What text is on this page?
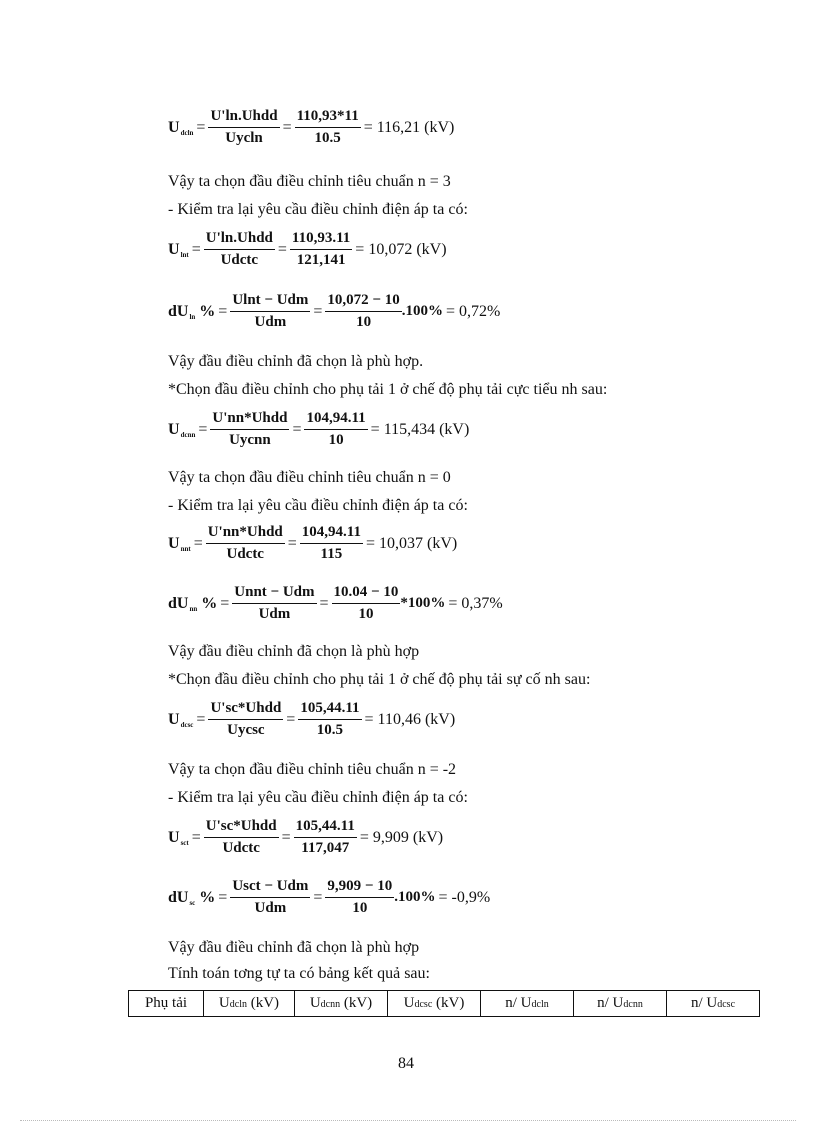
$U_{dcln} = \frac{\text{U'ln.Uhdd}}{\text{Uycln}} = \frac{110,93*11}{10.5} = 116,21$ (kV)
Vậy ta chọn đầu điều chỉnh tiêu chuẩn n = 3
- Kiểm tra lại yêu cầu điều chỉnh điện áp ta có:
$U_{lnt} = \frac{\text{U'ln.Uhdd}}{\text{Udctc}} = \frac{110,93.11}{121,141} = 10,072$ (kV)
$dU_{ln}$ % = $\frac{\text{Ulnt − Udm}}{\text{Udm}} = \frac{10,072 - 10}{10} .100\% = 0,72\%$
Vậy đầu điều chỉnh đã chọn là phù hợp.
*Chọn đầu điều chỉnh cho phụ tải 1 ở chế độ phụ tải cực tiểu nh sau:
$U_{dcnn} = \frac{\text{U'nn*Uhdd}}{\text{Uycnn}} = \frac{104,94.11}{10} = 115,434$ (kV)
Vậy ta chọn đầu điều chỉnh tiêu chuẩn n = 0
- Kiểm tra lại yêu cầu điều chỉnh điện áp ta có:
$U_{nnt} = \frac{\text{U'nn*Uhdd}}{\text{Udctc}} = \frac{104,94.11}{115} = 10,037$ (kV)
$dU_{nn}$ % = $\frac{\text{Unnt − Udm}}{\text{Udm}} = \frac{10.04 - 10}{10} *100\% = 0,37\%$
Vậy đầu điều chỉnh đã chọn là phù hợp
*Chọn đầu điều chỉnh cho phụ tải 1 ở chế độ phụ tải sự cố nh sau:
$U_{dcsc} = \frac{\text{U'sc*Uhdd}}{Uycsc} = \frac{105,44.11}{10.5} = 110,46$ (kV)
Vậy ta chọn đầu điều chỉnh tiêu chuẩn n = -2
- Kiểm tra lại yêu cầu điều chỉnh điện áp ta có:
$U_{sct} = \frac{\text{U'sc*Uhdd}}{\text{Udctc}} = \frac{105,44.11}{117,047} = 9,909$ (kV)
$dU_{sc}$ % = $\frac{\text{Usct − Udm}}{\text{Udm}} = \frac{9,909 - 10}{10} .100\% = -0,9\%$
Vậy đầu điều chỉnh đã chọn là phù hợp
Tính toán tơng tự ta có bảng kết quả sau:
Phụ tải	Udcln (kV)	Udcnn (kV)	Udcsc (kV)	n/ Udcln	n/ Udcnn	n/ Udcsc
84
